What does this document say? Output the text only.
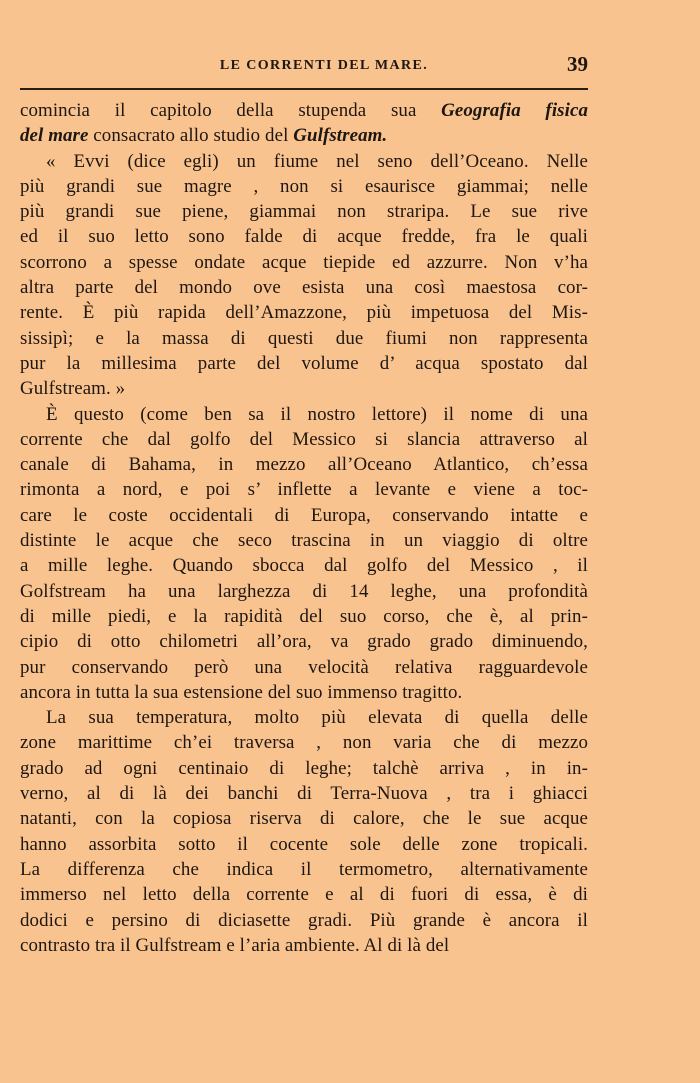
LE CORRENTI DEL MARE.	39

comincia il capitolo della stupenda sua Geografia fisica
del mare consacrato allo studio del Gulfstream.

« Evvi (dice egli) un fiume nel seno dell’Oceano. Nelle
più grandi sue magre , non si esaurisce giammai; nelle
più grandi sue piene, giammai non straripa. Le sue rive
ed il suo letto sono falde di acque fredde, fra le quali
scorrono a spesse ondate acque tiepide ed azzurre. Non v’ha
altra parte del mondo ove esista una così maestosa cor-
rente. È più rapida dell’Amazzone, più impetuosa del Mis-
sissipì; e la massa di questi due fiumi non rappresenta
pur la millesima parte del volume d’ acqua spostato dal
Gulfstream. »

È questo (come ben sa il nostro lettore) il nome di una
corrente che dal golfo del Messico si slancia attraverso al
canale di Bahama, in mezzo all’Oceano Atlantico, ch’essa
rimonta a nord, e poi s’ inflette a levante e viene a toc-
care le coste occidentali di Europa, conservando intatte e
distinte le acque che seco trascina in un viaggio di oltre
a mille leghe. Quando sbocca dal golfo del Messico , il
Golfstream ha una larghezza di 14 leghe, una profondità
di mille piedi, e la rapidità del suo corso, che è, al prin-
cipio di otto chilometri all’ora, va grado grado diminuendo,
pur conservando però una velocità relativa ragguardevole
ancora in tutta la sua estensione del suo immenso tragitto.

La sua temperatura, molto più elevata di quella delle
zone marittime ch’ei traversa , non varia che di mezzo
grado ad ogni centinaio di leghe; talchè arriva , in in-
verno, al di là dei banchi di Terra-Nuova , tra i ghiacci
natanti, con la copiosa riserva di calore, che le sue acque
hanno assorbita sotto il cocente sole delle zone tropicali.
La differenza che indica il termometro, alternativamente
immerso nel letto della corrente e al di fuori di essa, è di
dodici e persino di diciasette gradi. Più grande è ancora il
contrasto tra il Gulfstream e l’aria ambiente. Al di là del
